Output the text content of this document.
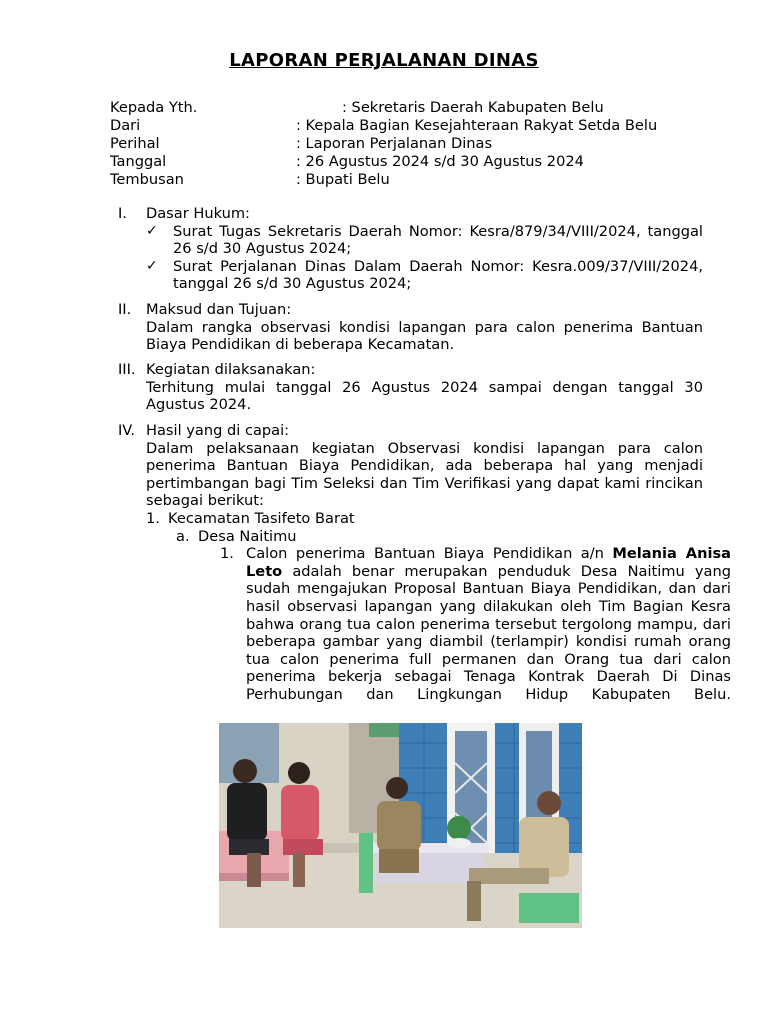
LAPORAN PERJALANAN DINAS
Kepada Yth.	: Sekretaris Daerah Kabupaten Belu
Dari	: Kepala Bagian Kesejahteraan Rakyat Setda Belu
Perihal	: Laporan Perjalanan Dinas
Tanggal	: 26 Agustus 2024 s/d 30 Agustus 2024
Tembusan	: Bupati Belu
I.	Dasar Hukum:
✓ Surat Tugas Sekretaris Daerah Nomor: Kesra/879/34/VIII/2024, tanggal 26 s/d 30 Agustus 2024;
✓ Surat Perjalanan Dinas Dalam Daerah Nomor: Kesra.009/37/VIII/2024, tanggal 26 s/d 30 Agustus 2024;
II.	Maksud dan Tujuan:
Dalam rangka observasi kondisi lapangan para calon penerima Bantuan Biaya Pendidikan di beberapa Kecamatan.
III. Kegiatan dilaksanakan:
Terhitung mulai tanggal 26 Agustus 2024 sampai dengan tanggal 30 Agustus 2024.
IV. Hasil yang di capai:
Dalam pelaksanaan kegiatan Observasi kondisi lapangan para calon penerima Bantuan Biaya Pendidikan, ada beberapa hal yang menjadi pertimbangan bagi Tim Seleksi dan Tim Verifikasi yang dapat kami rincikan sebagai berikut:
1. Kecamatan Tasifeto Barat
a. Desa Naitimu
1. Calon penerima Bantuan Biaya Pendidikan a/n Melania Anisa Leto adalah benar merupakan penduduk Desa Naitimu yang sudah mengajukan Proposal Bantuan Biaya Pendidikan, dan dari hasil observasi lapangan yang dilakukan oleh Tim Bagian Kesra bahwa orang tua calon penerima tersebut tergolong mampu, dari beberapa gambar yang diambil (terlampir) kondisi rumah orang tua calon penerima full permanen dan Orang tua dari calon penerima bekerja sebagai Tenaga Kontrak Daerah Di Dinas Perhubungan dan Lingkungan Hidup Kabupaten Belu.
